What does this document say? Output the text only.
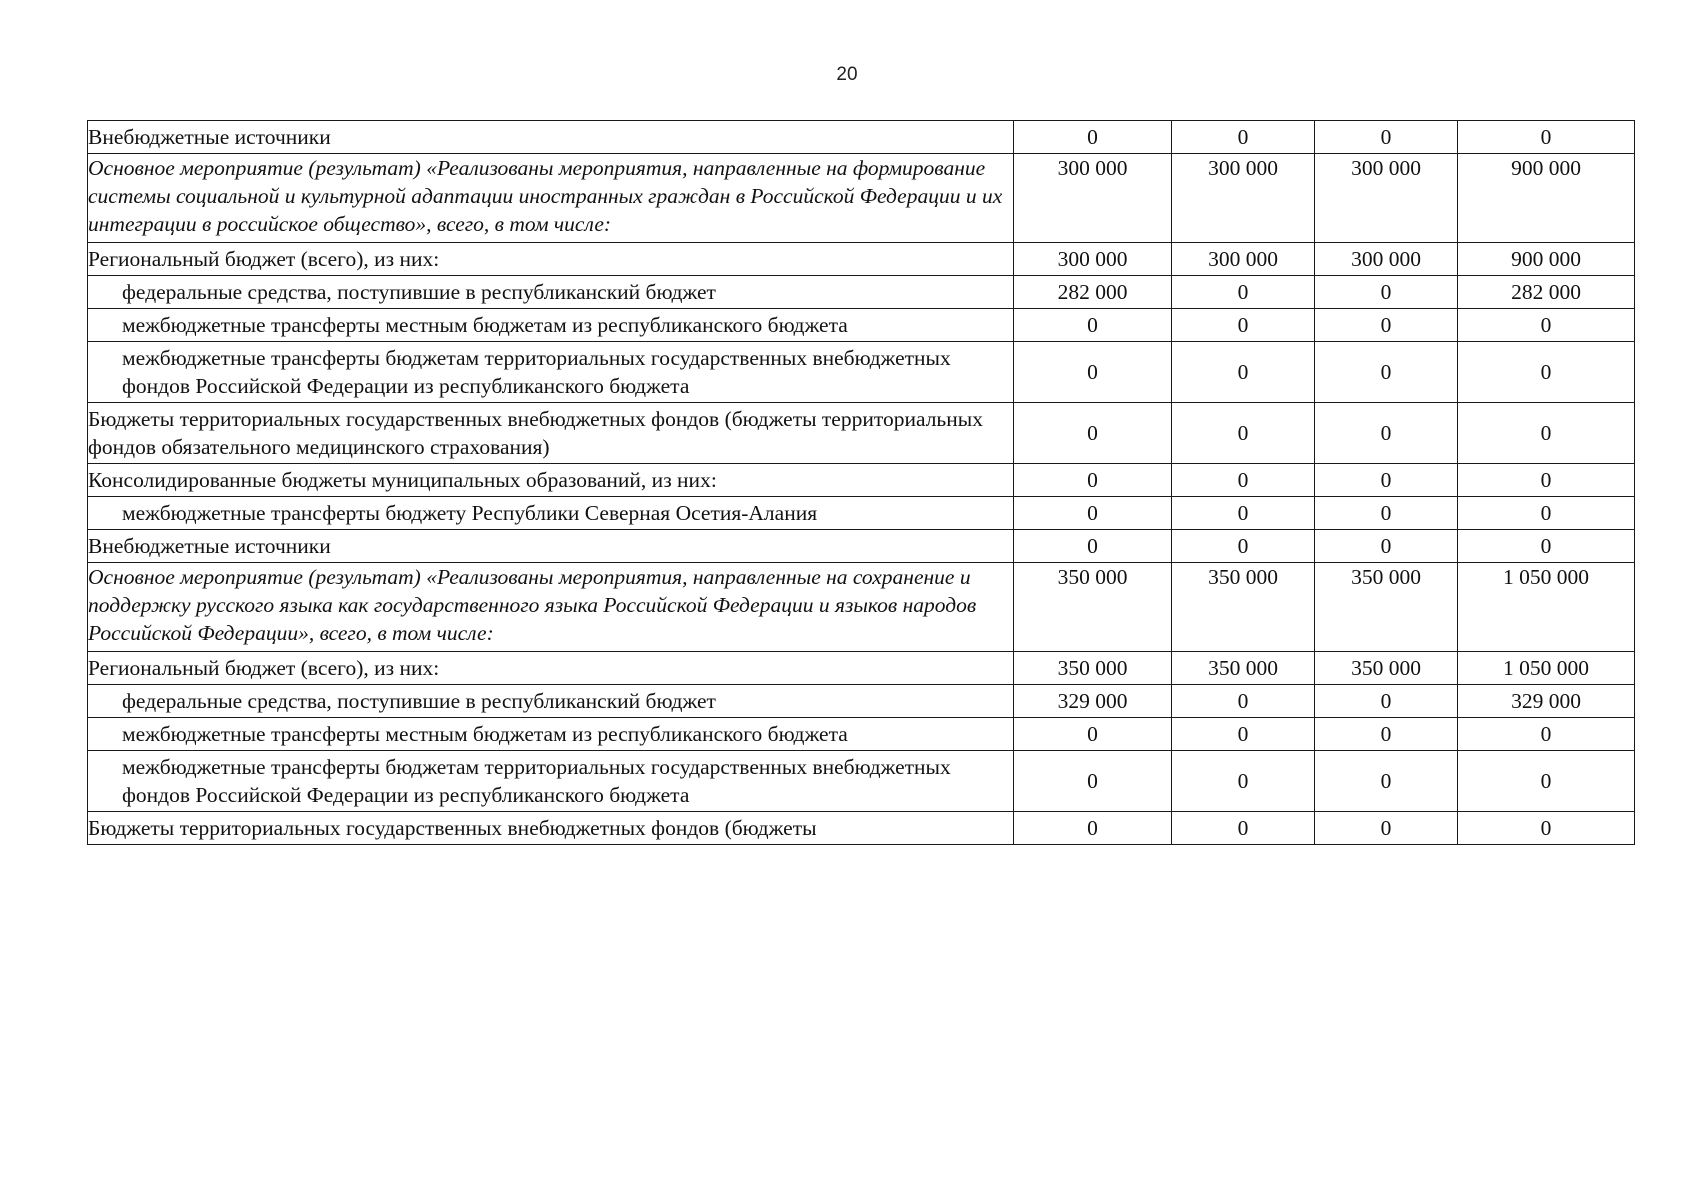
20
Внебюджетные источники	0	0	0	0
Основное мероприятие (результат) «Реализованы мероприятия, направленные на формирование системы социальной и культурной адаптации иностранных граждан в Российской Федерации и их интеграции в российское общество», всего, в том числе:	300 000	300 000	300 000	900 000
Региональный бюджет (всего), из них:	300 000	300 000	300 000	900 000
федеральные средства, поступившие в республиканский бюджет	282 000	0	0	282 000
межбюджетные трансферты местным бюджетам из республиканского бюджета	0	0	0	0
межбюджетные трансферты бюджетам территориальных государственных внебюджетных фондов Российской Федерации из республиканского бюджета	0	0	0	0
Бюджеты территориальных государственных внебюджетных фондов (бюджеты территориальных фондов обязательного медицинского страхования)	0	0	0	0
Консолидированные бюджеты муниципальных образований, из них:	0	0	0	0
межбюджетные трансферты бюджету Республики Северная Осетия-Алания	0	0	0	0
Внебюджетные источники	0	0	0	0
Основное мероприятие (результат) «Реализованы мероприятия, направленные на сохранение и поддержку русского языка как государственного языка Российской Федерации и языков народов Российской Федерации», всего, в том числе:	350 000	350 000	350 000	1 050 000
Региональный бюджет (всего), из них:	350 000	350 000	350 000	1 050 000
федеральные средства, поступившие в республиканский бюджет	329 000	0	0	329 000
межбюджетные трансферты местным бюджетам из республиканского бюджета	0	0	0	0
межбюджетные трансферты бюджетам территориальных государственных внебюджетных фондов Российской Федерации из республиканского бюджета	0	0	0	0
Бюджеты территориальных государственных внебюджетных фондов (бюджеты	0	0	0	0
